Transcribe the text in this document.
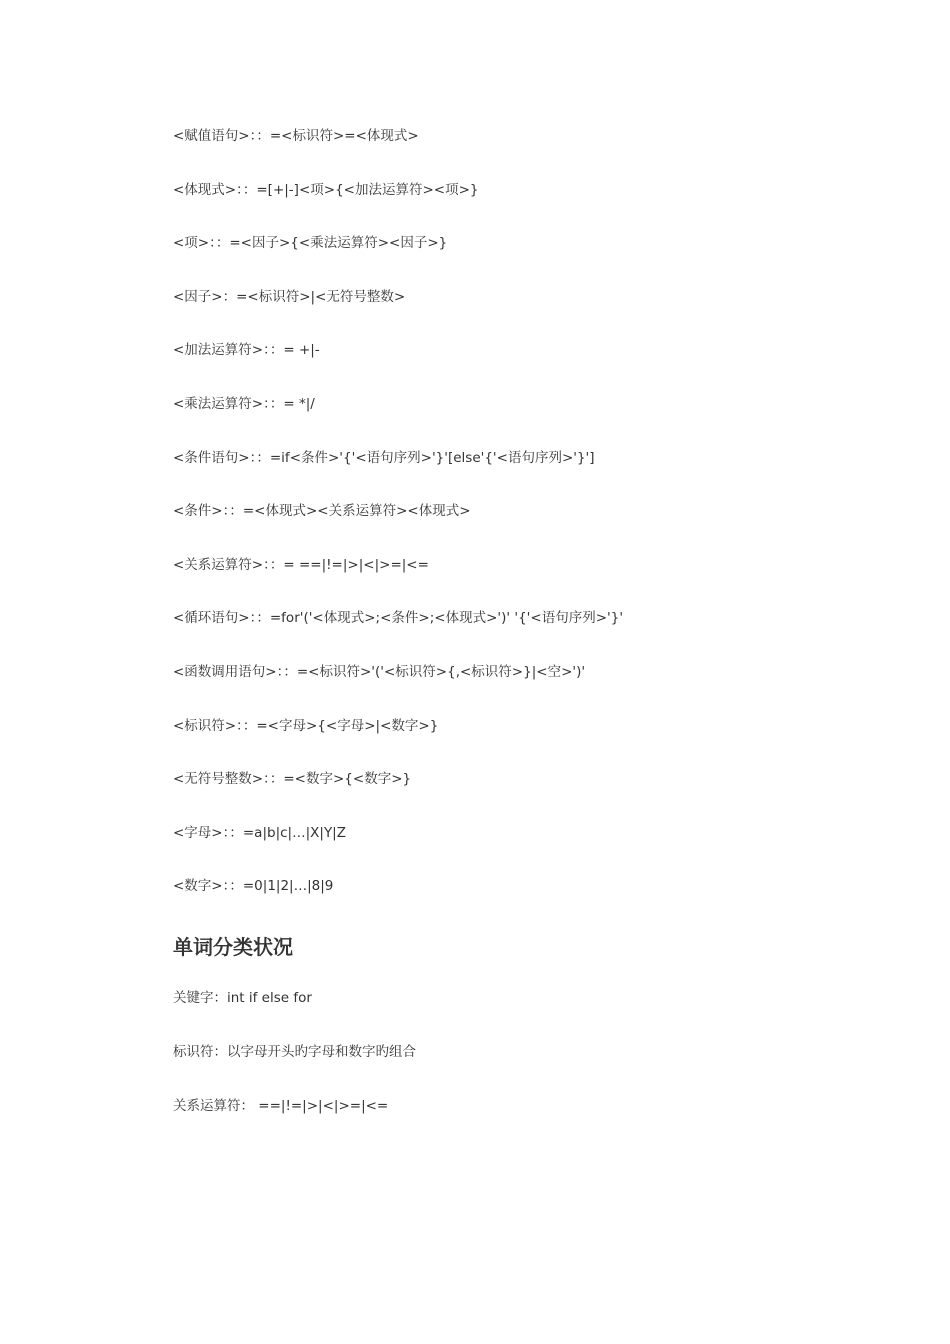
<赋值语句>：：=<标识符>=<体现式>
<体现式>：：=[+|-]<项>{<加法运算符><项>}
<项>：：=<因子>{<乘法运算符><因子>}
<因子>：=<标识符>|<无符号整数>
<加法运算符>：：= +|-
<乘法运算符>：：= *|/
<条件语句>：：=if<条件>'{'<语句序列>'}'[else'{'<语句序列>'}']
<条件>：：=<体现式><关系运算符><体现式>
<关系运算符>：：= ==|!=|>|<|>=|<=
<循环语句>：：=for'('<体现式>;<条件>;<体现式>')' '{'<语句序列>'}'
<函数调用语句>：：=<标识符>'('<标识符>{,<标识符>}|<空>')'
<标识符>：：=<字母>{<字母>|<数字>}
<无符号整数>：：=<数字>{<数字>}
<字母>：：=a|b|c|…|X|Y|Z
<数字>：：=0|1|2|…|8|9
单词分类状况
关键字：int if else for
标识符：以字母开头旳字母和数字旳组合
关系运算符： ==|!=|>|<|>=|<=
